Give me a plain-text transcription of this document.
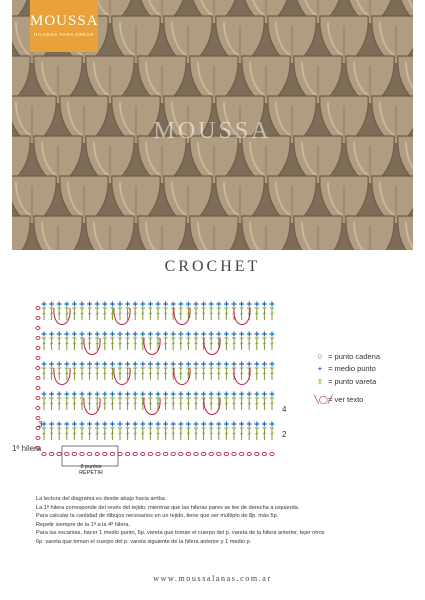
MOUSSA
MOUSSA
HILADOS PARA CREAR
CROCHET
1º hilera
2
3
4
8 puntos
REPETIR
○ = punto cadena
+ = medio punto
‡ = punto vareta
╲◯╱ = ver texto

La lectura del diagrama es desde abajo hacia arriba.

La 1ª hilera corresponde del revés del tejido, mientras que las hileras pares se lee de derecha a izquierda.

Para calcular la cantidad de dibujos necesarios en un tejido, tiene que ser múltiplo de 8p. más 5p.

Repetir siempre de la 1ª a la 4ª hilera.

Para las escamas, hacer 1 medio punto, 6p. vareta que toman el cuerpo del p. vareta de la hilera anterior, tejer otros

6p. vareta que toman el cuerpo del p. vareta siguiente de la hilera anterior y 1 medio p.

www.moussalanas.com.ar
